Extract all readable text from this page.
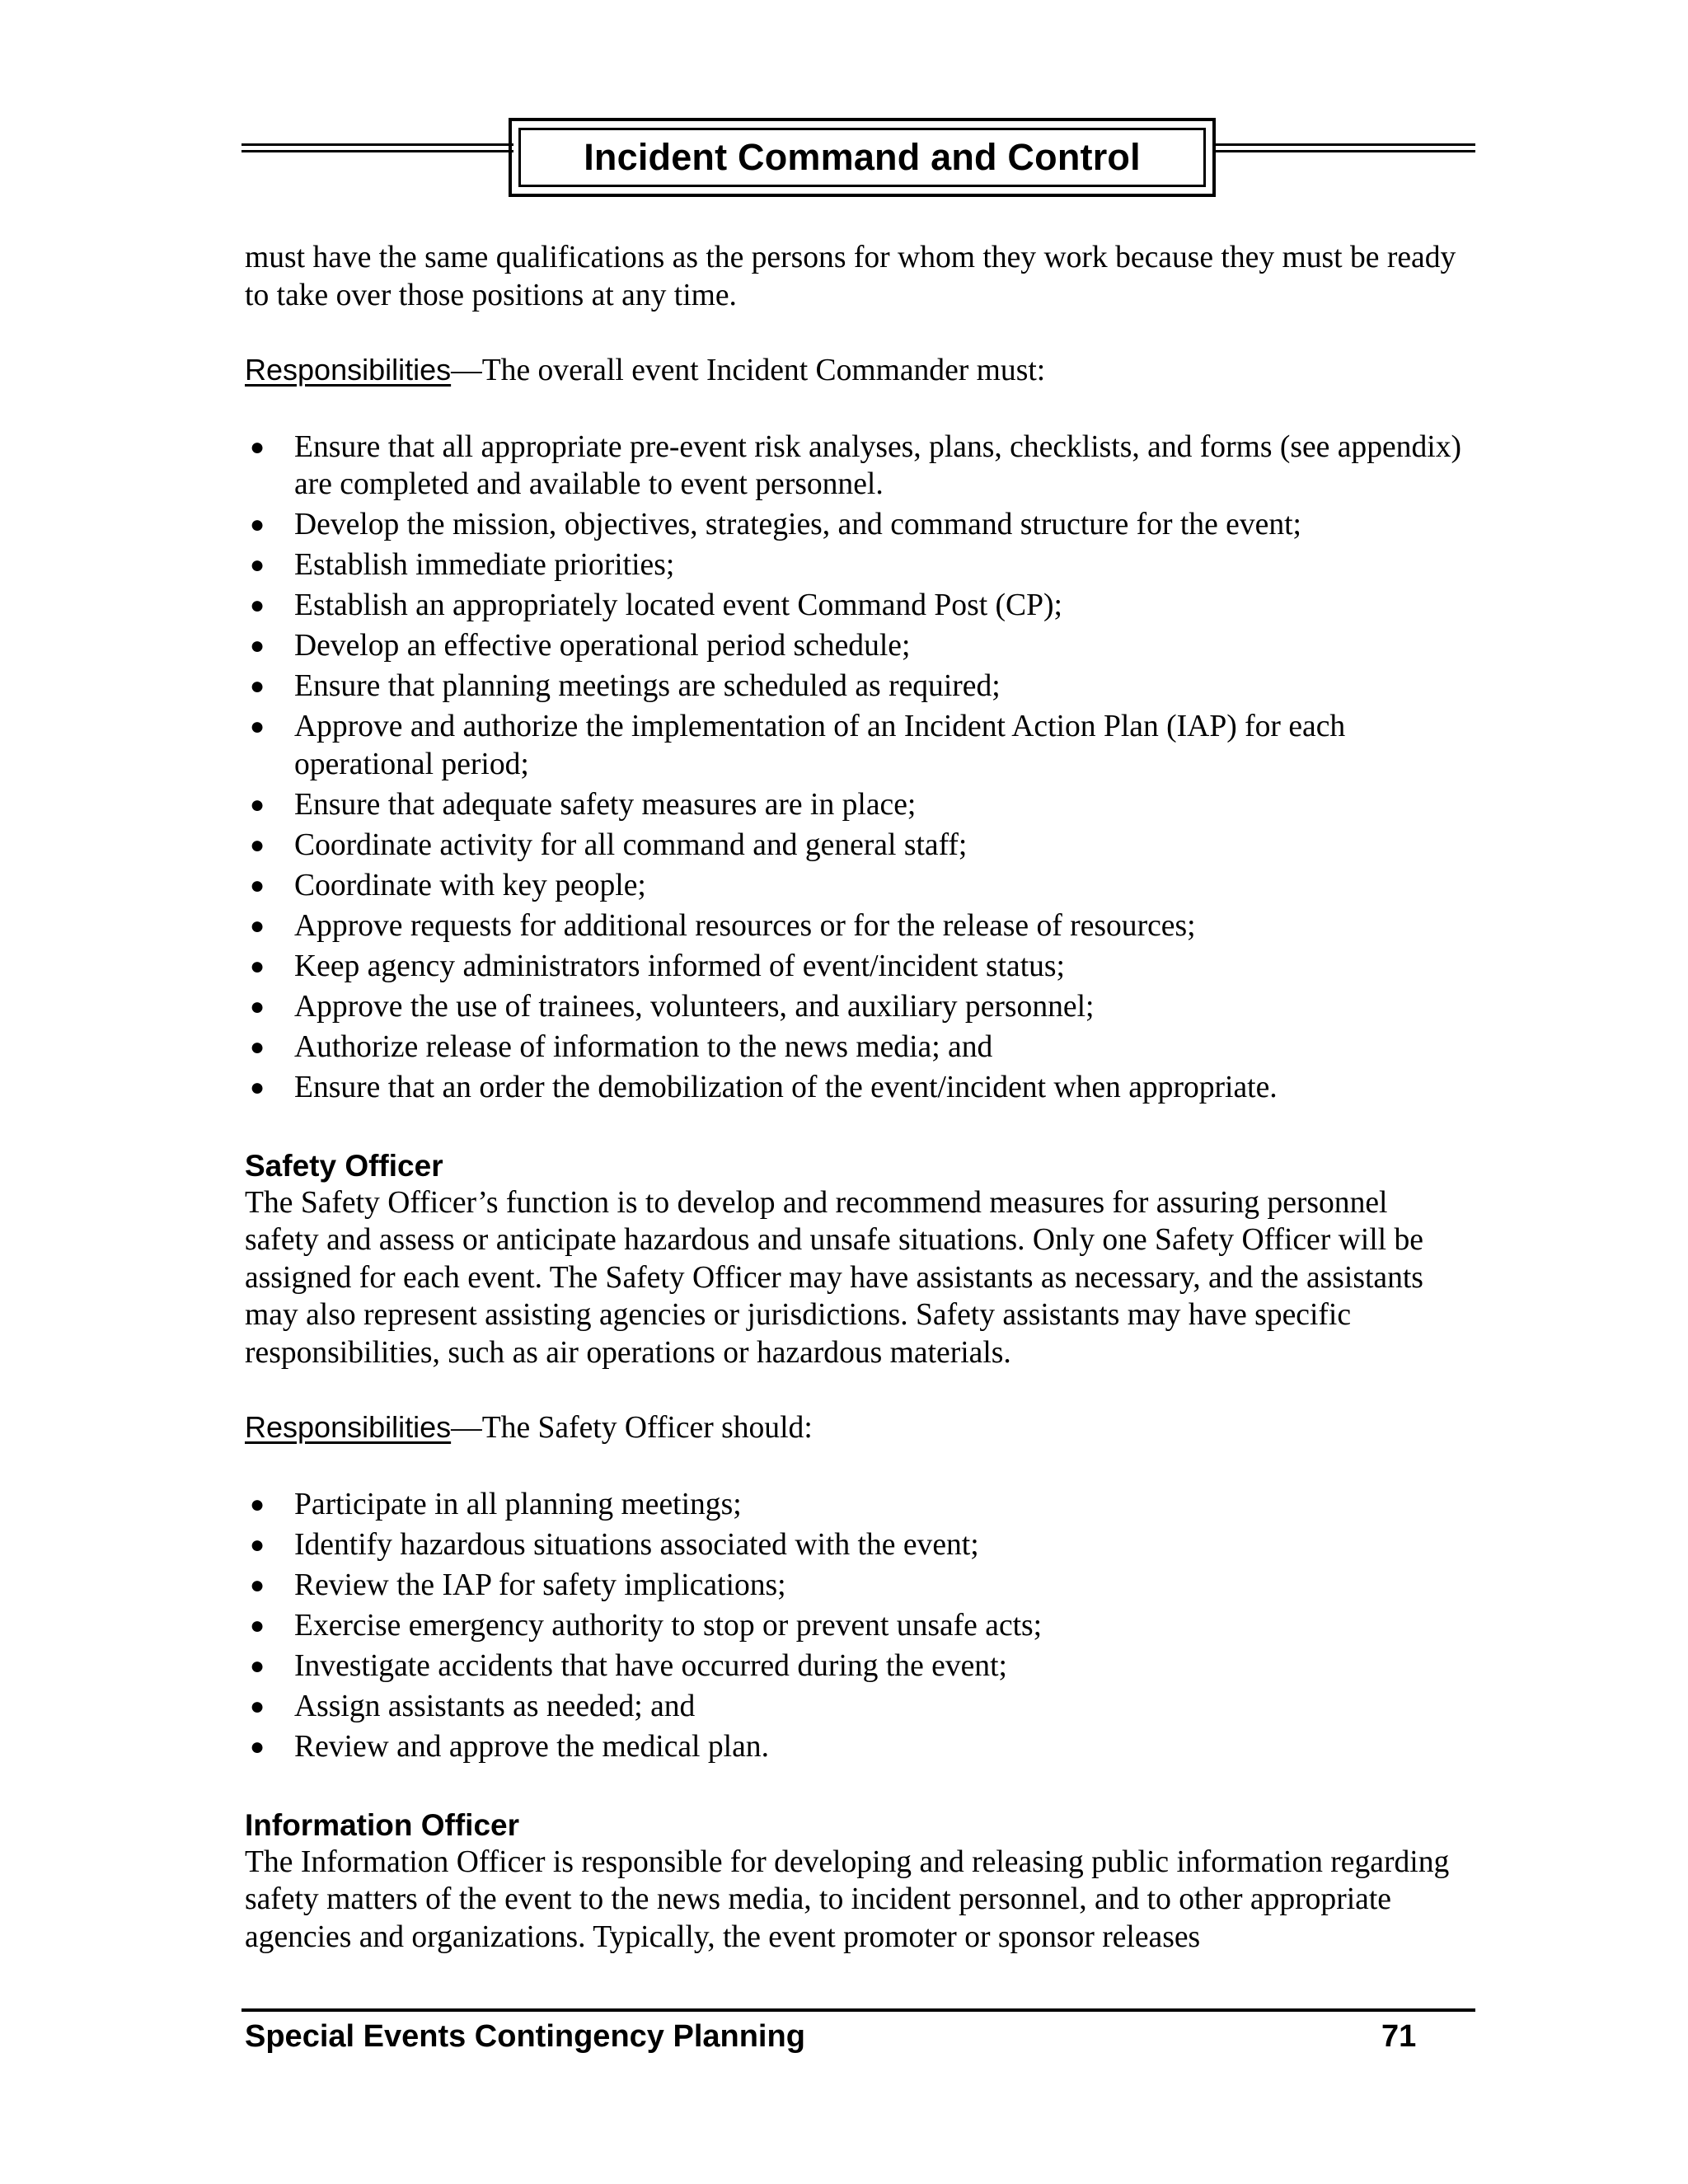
Incident Command and Control

must have the same qualifications as the persons for whom they work because they must be ready to take over those positions at any time.

Responsibilities—The overall event Incident Commander must:

● Ensure that all appropriate pre-event risk analyses, plans, checklists, and forms (see appendix) are completed and available to event personnel.
● Develop the mission, objectives, strategies, and command structure for the event;
● Establish immediate priorities;
● Establish an appropriately located event Command Post (CP);
● Develop an effective operational period schedule;
● Ensure that planning meetings are scheduled as required;
● Approve and authorize the implementation of an Incident Action Plan (IAP) for each operational period;
● Ensure that adequate safety measures are in place;
● Coordinate activity for all command and general staff;
● Coordinate with key people;
● Approve requests for additional resources or for the release of resources;
● Keep agency administrators informed of event/incident status;
● Approve the use of trainees, volunteers, and auxiliary personnel;
● Authorize release of information to the news media; and
● Ensure that an order the demobilization of the event/incident when appropriate.
Safety Officer

The Safety Officer’s function is to develop and recommend measures for assuring personnel safety and assess or anticipate hazardous and unsafe situations. Only one Safety Officer will be assigned for each event. The Safety Officer may have assistants as necessary, and the assistants may also represent assisting agencies or jurisdictions. Safety assistants may have specific responsibilities, such as air operations or hazardous materials.

Responsibilities—The Safety Officer should:

● Participate in all planning meetings;
● Identify hazardous situations associated with the event;
● Review the IAP for safety implications;
● Exercise emergency authority to stop or prevent unsafe acts;
● Investigate accidents that have occurred during the event;
● Assign assistants as needed; and
● Review and approve the medical plan.
Information Officer

The Information Officer is responsible for developing and releasing public information regarding safety matters of the event to the news media, to incident personnel, and to other appropriate agencies and organizations. Typically, the event promoter or sponsor releases

Special Events Contingency Planning	71
